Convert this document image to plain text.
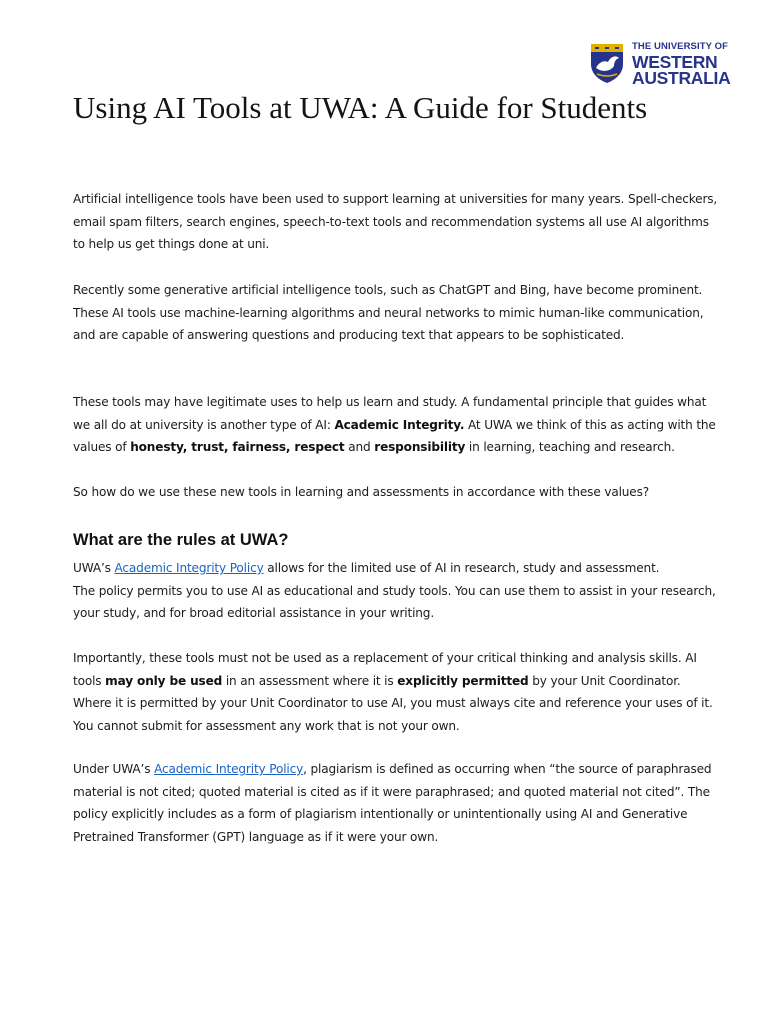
THE UNIVERSITY OF
WESTERN
AUSTRALIA
Using AI Tools at UWA: A Guide for Students

Artificial intelligence tools have been used to support learning at universities for many years. Spell-checkers, email spam filters, search engines, speech-to-text tools and recommendation systems all use AI algorithms to help us get things done at uni.

Recently some generative artificial intelligence tools, such as ChatGPT and Bing, have become prominent. These AI tools use machine-learning algorithms and neural networks to mimic human-like communication, and are capable of answering questions and producing text that appears to be sophisticated.

These tools may have legitimate uses to help us learn and study. A fundamental principle that guides what we all do at university is another type of AI: Academic Integrity. At UWA we think of this as acting with the values of honesty, trust, fairness, respect and responsibility in learning, teaching and research.

So how do we use these new tools in learning and assessments in accordance with these values?

What are the rules at UWA?

UWA’s Academic Integrity Policy allows for the limited use of AI in research, study and assessment.
The policy permits you to use AI as educational and study tools. You can use them to assist in your research, your study, and for broad editorial assistance in your writing.

Importantly, these tools must not be used as a replacement of your critical thinking and analysis skills. AI tools may only be used in an assessment where it is explicitly permitted by your Unit Coordinator. Where it is permitted by your Unit Coordinator to use AI, you must always cite and reference your uses of it. You cannot submit for assessment any work that is not your own.

Under UWA’s Academic Integrity Policy, plagiarism is defined as occurring when “the source of paraphrased material is not cited; quoted material is cited as if it were paraphrased; and quoted material not cited”. The policy explicitly includes as a form of plagiarism intentionally or unintentionally using AI and Generative Pretrained Transformer (GPT) language as if it were your own.
